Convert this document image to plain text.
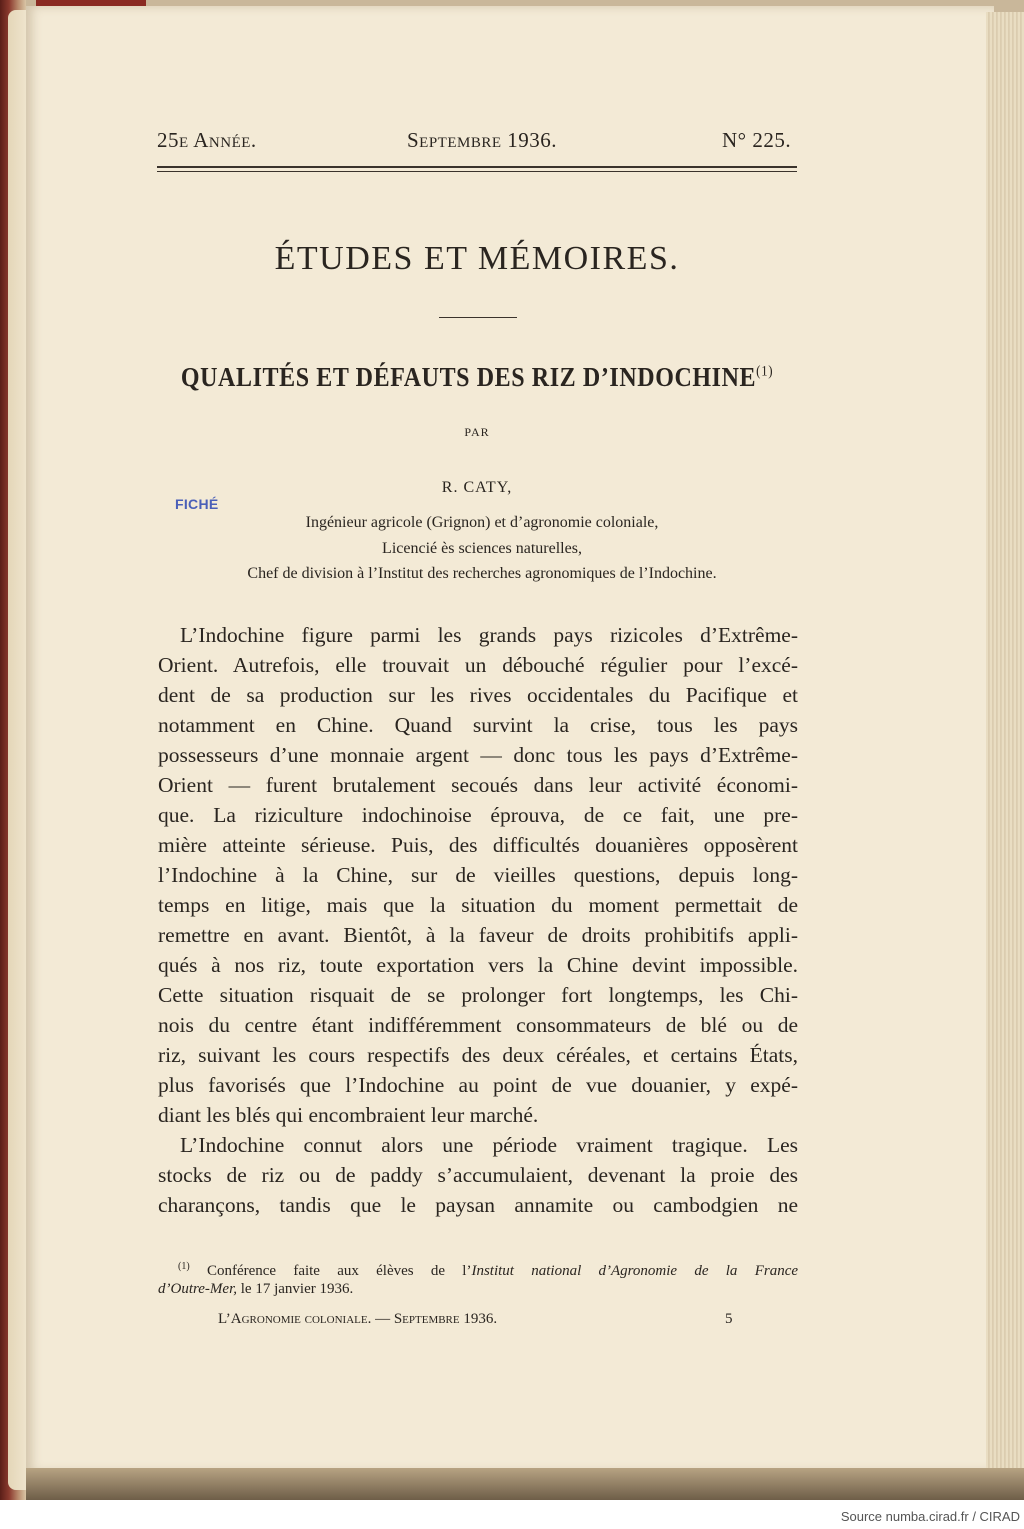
25e Année.	Septembre 1936.	N° 225.
ÉTUDES ET MÉMOIRES.
QUALITÉS ET DÉFAUTS DES RIZ D’INDOCHINE$^{(1)}$
PAR
R. CATY,
FICHÉ
Ingénieur agricole (Grignon) et d’agronomie coloniale,
Licencié ès sciences naturelles,
Chef de division à l’Institut des recherches agronomiques de l’Indochine.
L’Indochine figure parmi les grands pays rizicoles d’Extrême-
Orient. Autrefois, elle trouvait un débouché régulier pour l’excé-
dent de sa production sur les rives occidentales du Pacifique et
notamment en Chine. Quand survint la crise, tous les pays
possesseurs d’une monnaie argent — donc tous les pays d’Extrême-
Orient — furent brutalement secoués dans leur activité économi-
que. La riziculture indochinoise éprouva, de ce fait, une pre-
mière atteinte sérieuse. Puis, des difficultés douanières opposèrent
l’Indochine à la Chine, sur de vieilles questions, depuis long-
temps en litige, mais que la situation du moment permettait de
remettre en avant. Bientôt, à la faveur de droits prohibitifs appli-
qués à nos riz, toute exportation vers la Chine devint impossible.
Cette situation risquait de se prolonger fort longtemps, les Chi-
nois du centre étant indifféremment consommateurs de blé ou de
riz, suivant les cours respectifs des deux céréales, et certains États,
plus favorisés que l’Indochine au point de vue douanier, y expé-
diant les blés qui encombraient leur marché.
L’Indochine connut alors une période vraiment tragique. Les
stocks de riz ou de paddy s’accumulaient, devenant la proie des
charançons, tandis que le paysan annamite ou cambodgien ne
$^{(1)}$ Conférence faite aux élèves de l’Institut national d’Agronomie de la France
d’Outre-Mer, le 17 janvier 1936.
L’Agronomie coloniale. — Septembre 1936.	5
Source numba.cirad.fr / CIRAD
